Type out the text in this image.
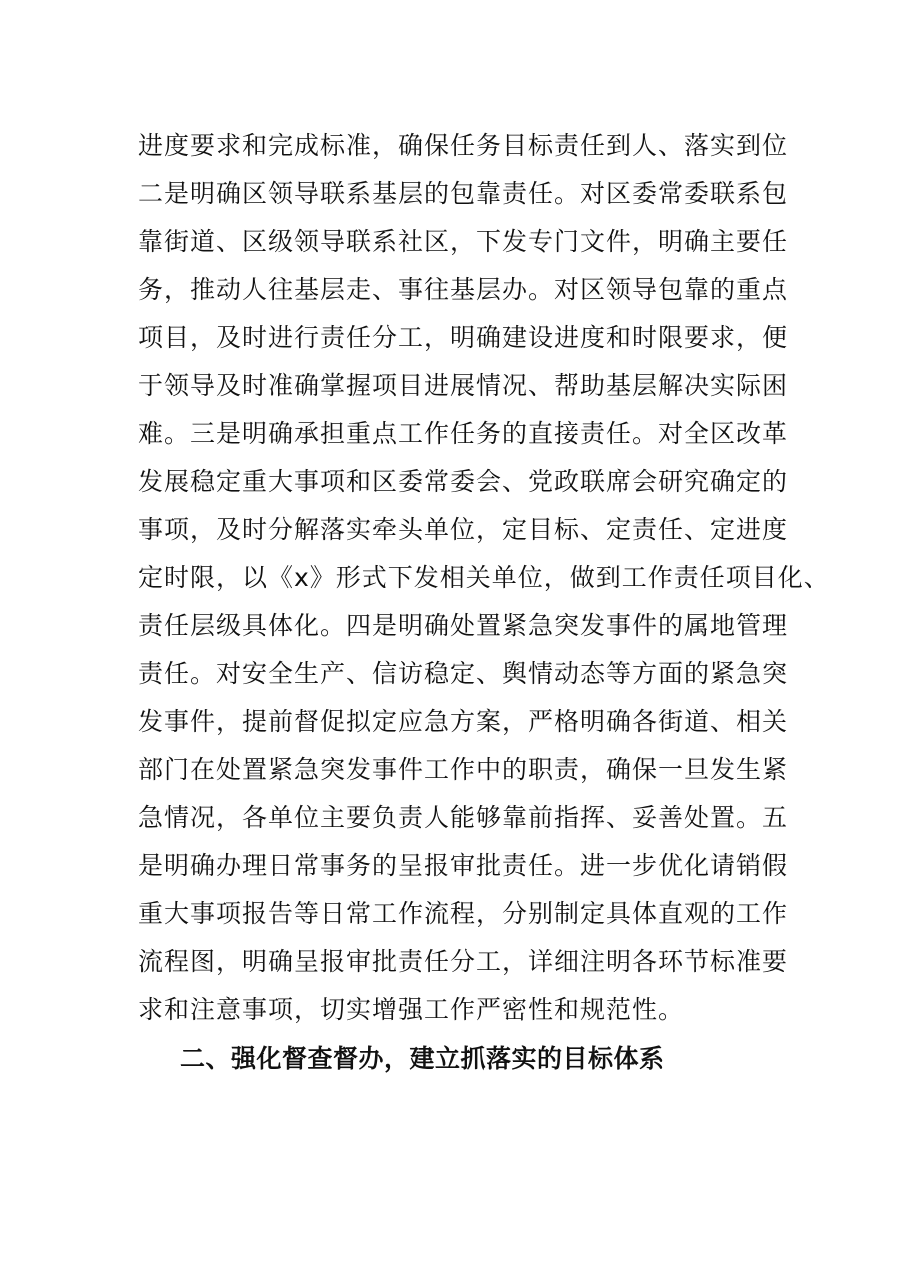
进度要求和完成标准，确保任务目标责任到人、落实到位
二是明确区领导联系基层的包靠责任。对区委常委联系包
靠街道、区级领导联系社区，下发专门文件，明确主要任
务，推动人往基层走、事往基层办。对区领导包靠的重点
项目，及时进行责任分工，明确建设进度和时限要求，便
于领导及时准确掌握项目进展情况、帮助基层解决实际困
难。三是明确承担重点工作任务的直接责任。对全区改革
发展稳定重大事项和区委常委会、党政联席会研究确定的
事项，及时分解落实牵头单位，定目标、定责任、定进度
定时限，以《x》形式下发相关单位，做到工作责任项目化、
责任层级具体化。四是明确处置紧急突发事件的属地管理
责任。对安全生产、信访稳定、舆情动态等方面的紧急突
发事件，提前督促拟定应急方案，严格明确各街道、相关
部门在处置紧急突发事件工作中的职责，确保一旦发生紧
急情况，各单位主要负责人能够靠前指挥、妥善处置。五
是明确办理日常事务的呈报审批责任。进一步优化请销假
重大事项报告等日常工作流程，分别制定具体直观的工作
流程图，明确呈报审批责任分工，详细注明各环节标准要
求和注意事项，切实增强工作严密性和规范性。
二、强化督查督办，建立抓落实的目标体系
